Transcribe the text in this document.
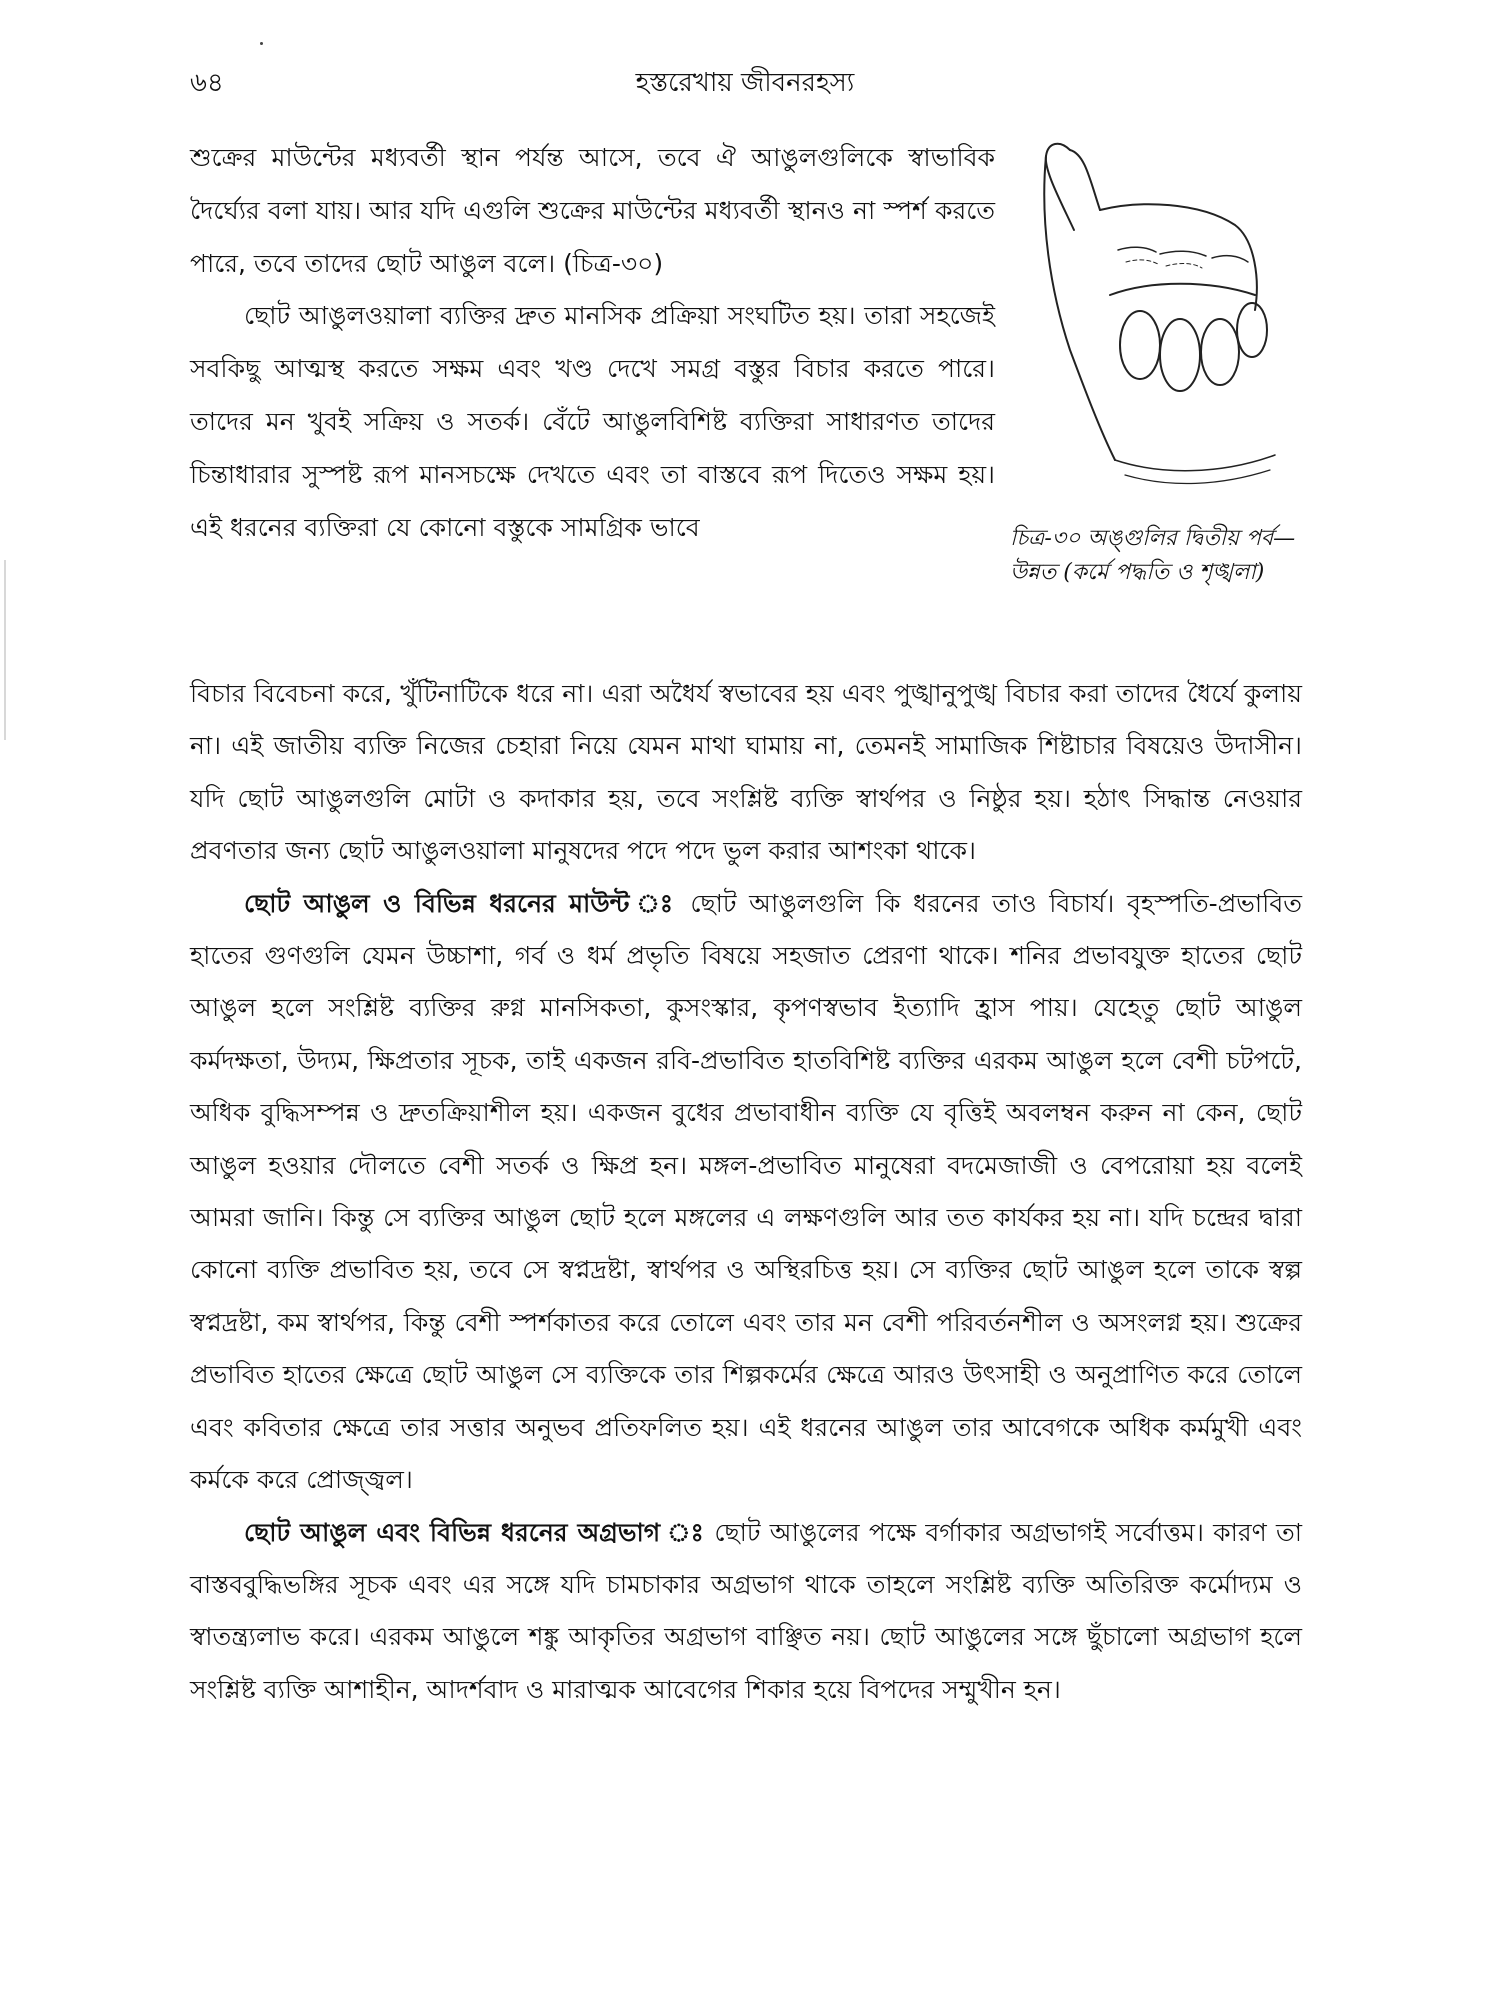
৬৪	হস্তরেখায় জীবনরহস্য

শুক্রের মাউন্টের মধ্যবর্তী স্থান পর্যন্ত আসে, তবে ঐ আঙুলগুলিকে স্বাভাবিক দৈর্ঘ্যের বলা যায়। আর যদি এগুলি শুক্রের মাউন্টের মধ্যবর্তী স্থানও না স্পর্শ করতে পারে, তবে তাদের ছোট আঙুল বলে। (চিত্র-৩০)

ছোট আঙুলওয়ালা ব্যক্তির দ্রুত মানসিক প্রক্রিয়া সংঘটিত হয়। তারা সহজেই সবকিছু আত্মস্থ করতে সক্ষম এবং খণ্ড দেখে সমগ্র বস্তুর বিচার করতে পারে। তাদের মন খুবই সক্রিয় ও সতর্ক। বেঁটে আঙুলবিশিষ্ট ব্যক্তিরা সাধারণত তাদের চিন্তাধারার সুস্পষ্ট রূপ মানসচক্ষে দেখতে এবং তা বাস্তবে রূপ দিতেও সক্ষম হয়। এই ধরনের ব্যক্তিরা যে কোনো বস্তুকে সামগ্রিক ভাবে	চিত্র-৩০ অঙ্গুলির দ্বিতীয় পর্ব— উন্নত (কর্মে পদ্ধতি ও শৃঙ্খলা)

বিচার বিবেচনা করে, খুঁটিনাটিকে ধরে না। এরা অধৈর্য স্বভাবের হয় এবং পুঙ্খানুপুঙ্খ বিচার করা তাদের ধৈর্যে কুলায় না। এই জাতীয় ব্যক্তি নিজের চেহারা নিয়ে যেমন মাথা ঘামায় না, তেমনই সামাজিক শিষ্টাচার বিষয়েও উদাসীন। যদি ছোট আঙুলগুলি মোটা ও কদাকার হয়, তবে সংশ্লিষ্ট ব্যক্তি স্বার্থপর ও নিষ্ঠুর হয়। হঠাৎ সিদ্ধান্ত নেওয়ার প্রবণতার জন্য ছোট আঙুলওয়ালা মানুষদের পদে পদে ভুল করার আশংকা থাকে।

ছোট আঙুল ও বিভিন্ন ধরনের মাউন্ট ঃ ছোট আঙুলগুলি কি ধরনের তাও বিচার্য। বৃহস্পতি-প্রভাবিত হাতের গুণগুলি যেমন উচ্চাশা, গর্ব ও ধর্ম প্রভৃতি বিষয়ে সহজাত প্রেরণা থাকে। শনির প্রভাবযুক্ত হাতের ছোট আঙুল হলে সংশ্লিষ্ট ব্যক্তির রুগ্ন মানসিকতা, কুসংস্কার, কৃপণস্বভাব ইত্যাদি হ্রাস পায়। যেহেতু ছোট আঙুল কর্মদক্ষতা, উদ্যম, ক্ষিপ্রতার সূচক, তাই একজন রবি-প্রভাবিত হাতবিশিষ্ট ব্যক্তির এরকম আঙুল হলে বেশী চটপটে, অধিক বুদ্ধিসম্পন্ন ও দ্রুতক্রিয়াশীল হয়। একজন বুধের প্রভাবাধীন ব্যক্তি যে বৃত্তিই অবলম্বন করুন না কেন, ছোট আঙুল হওয়ার দৌলতে বেশী সতর্ক ও ক্ষিপ্র হন। মঙ্গল-প্রভাবিত মানুষেরা বদমেজাজী ও বেপরোয়া হয় বলেই আমরা জানি। কিন্তু সে ব্যক্তির আঙুল ছোট হলে মঙ্গলের এ লক্ষণগুলি আর তত কার্যকর হয় না। যদি চন্দ্রের দ্বারা কোনো ব্যক্তি প্রভাবিত হয়, তবে সে স্বপ্নদ্রষ্টা, স্বার্থপর ও অস্থিরচিত্ত হয়। সে ব্যক্তির ছোট আঙুল হলে তাকে স্বল্প স্বপ্নদ্রষ্টা, কম স্বার্থপর, কিন্তু বেশী স্পর্শকাতর করে তোলে এবং তার মন বেশী পরিবর্তনশীল ও অসংলগ্ন হয়। শুক্রের প্রভাবিত হাতের ক্ষেত্রে ছোট আঙুল সে ব্যক্তিকে তার শিল্পকর্মের ক্ষেত্রে আরও উৎসাহী ও অনুপ্রাণিত করে তোলে এবং কবিতার ক্ষেত্রে তার সত্তার অনুভব প্রতিফলিত হয়। এই ধরনের আঙুল তার আবেগকে অধিক কর্মমুখী এবং কর্মকে করে প্রোজ্জ্বল।

ছোট আঙুল এবং বিভিন্ন ধরনের অগ্রভাগ ঃ ছোট আঙুলের পক্ষে বর্গাকার অগ্রভাগই সর্বোত্তম। কারণ তা বাস্তববুদ্ধিভঙ্গির সূচক এবং এর সঙ্গে যদি চামচাকার অগ্রভাগ থাকে তাহলে সংশ্লিষ্ট ব্যক্তি অতিরিক্ত কর্মোদ্যম ও স্বাতন্ত্র্যলাভ করে। এরকম আঙুলে শঙ্কু আকৃতির অগ্রভাগ বাঞ্ছিত নয়। ছোট আঙুলের সঙ্গে ছুঁচালো অগ্রভাগ হলে সংশ্লিষ্ট ব্যক্তি আশাহীন, আদর্শবাদ ও মারাত্মক আবেগের শিকার হয়ে বিপদের সম্মুখীন হন।
